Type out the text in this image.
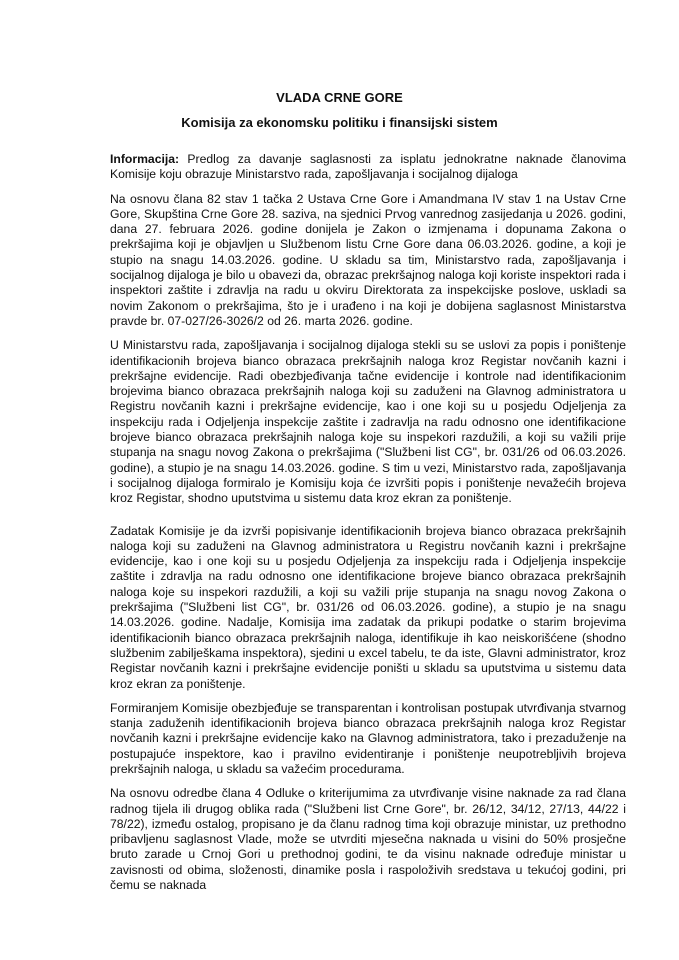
VLADA CRNE GORE
Komisija za ekonomsku politiku i finansijski sistem

Informacija: Predlog za davanje saglasnosti za isplatu jednokratne naknade članovima Komisije koju obrazuje Ministarstvo rada, zapošljavanja i socijalnog dijaloga

Na osnovu člana 82 stav 1 tačka 2 Ustava Crne Gore i Amandmana IV stav 1 na Ustav Crne Gore, Skupština Crne Gore 28. saziva, na sjednici Prvog vanrednog zasijedanja u 2026. godini, dana 27. februara 2026. godine donijela je Zakon o izmjenama i dopunama Zakona o prekršajima koji je objavljen u Službenom listu Crne Gore dana 06.03.2026. godine, a koji je stupio na snagu 14.03.2026. godine. U skladu sa tim, Ministarstvo rada, zapošljavanja i socijalnog dijaloga je bilo u obavezi da, obrazac prekršajnog naloga koji koriste inspektori rada i inspektori zaštite i zdravlja na radu u okviru Direktorata za inspekcijske poslove, uskladi sa novim Zakonom o prekršajima, što je i urađeno i na koji je dobijena saglasnost Ministarstva pravde br. 07-027/26-3026/2 od 26. marta 2026. godine.

U Ministarstvu rada, zapošljavanja i socijalnog dijaloga stekli su se uslovi za popis i poništenje identifikacionih brojeva bianco obrazaca prekršajnih naloga kroz Registar novčanih kazni i prekršajne evidencije. Radi obezbjeđivanja tačne evidencije i kontrole nad identifikacionim brojevima bianco obrazaca prekršajnih naloga koji su zaduženi na Glavnog administratora u Registru novčanih kazni i prekršajne evidencije, kao i one koji su u posjedu Odjeljenja za inspekciju rada i Odjeljenja inspekcije zaštite i zadravlja na radu odnosno one identifikacione brojeve bianco obrazaca prekršajnih naloga koje su inspekori razdužili, a koji su važili prije stupanja na snagu novog Zakona o prekršajima ("Službeni list CG", br. 031/26 od 06.03.2026. godine), a stupio je na snagu 14.03.2026. godine. S tim u vezi, Ministarstvo rada, zapošljavanja i socijalnog dijaloga formiralo je Komisiju koja će izvršiti popis i poništenje nevažećih brojeva kroz Registar, shodno uputstvima u sistemu data kroz ekran za poništenje.

Zadatak Komisije je da izvrši popisivanje identifikacionih brojeva bianco obrazaca prekršajnih naloga koji su zaduženi na Glavnog administratora u Registru novčanih kazni i prekršajne evidencije, kao i one koji su u posjedu Odjeljenja za inspekciju rada i Odjeljenja inspekcije zaštite i zdravlja na radu odnosno one identifikacione brojeve bianco obrazaca prekršajnih naloga koje su inspekori razdužili, a koji su važili prije stupanja na snagu novog Zakona o prekršajima ("Službeni list CG", br. 031/26 od 06.03.2026. godine), a stupio je na snagu 14.03.2026. godine. Nadalje, Komisija ima zadatak da prikupi podatke o starim brojevima identifikacionih bianco obrazaca prekršajnih naloga, identifikuje ih kao neiskorišćene (shodno službenim zabilješkama inspektora), sjedini u excel tabelu, te da iste, Glavni administrator, kroz Registar novčanih kazni i prekršajne evidencije poništi u skladu sa uputstvima u sistemu data kroz ekran za poništenje.

Formiranjem Komisije obezbjeđuje se transparentan i kontrolisan postupak utvrđivanja stvarnog stanja zaduženih identifikacionih brojeva bianco obrazaca prekršajnih naloga kroz Registar novčanih kazni i prekršajne evidencije kako na Glavnog administratora, tako i prezaduženje na postupajuće inspektore, kao i pravilno evidentiranje i poništenje neupotrebljivih brojeva prekršajnih naloga, u skladu sa važećim procedurama.

Na osnovu odredbe člana 4 Odluke o kriterijumima za utvrđivanje visine naknade za rad člana radnog tijela ili drugog oblika rada ("Službeni list Crne Gore", br. 26/12, 34/12, 27/13, 44/22 i 78/22), između ostalog, propisano je da članu radnog tima koji obrazuje ministar, uz prethodno pribavljenu saglasnost Vlade, može se utvrditi mjesečna naknada u visini do 50% prosječne bruto zarade u Crnoj Gori u prethodnoj godini, te da visinu naknade određuje ministar u zavisnosti od obima, složenosti, dinamike posla i raspoloživih sredstava u tekućoj godini, pri čemu se naknada
